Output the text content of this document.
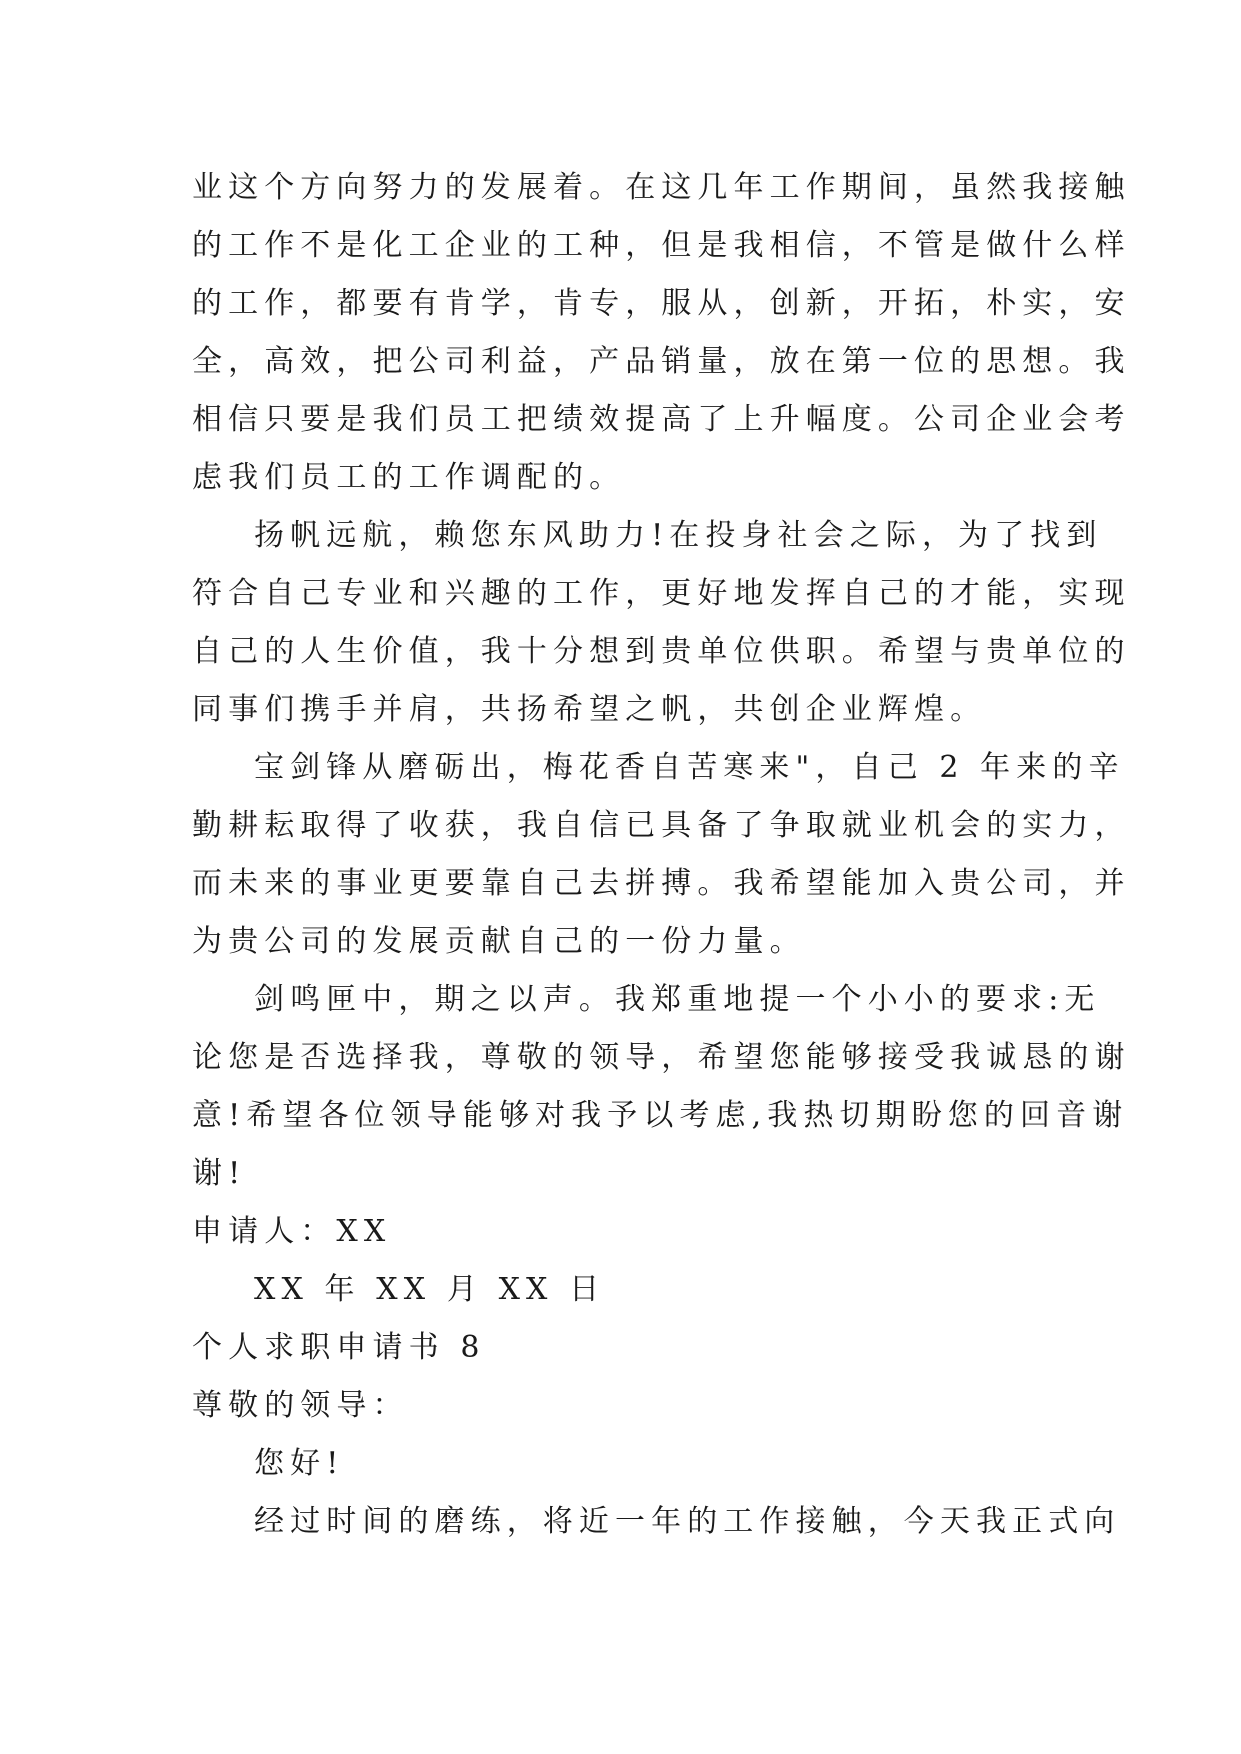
业这个方向努力的发展着。在这几年工作期间，虽然我接触
的工作不是化工企业的工种，但是我相信，不管是做什么样
的工作，都要有肯学，肯专，服从，创新，开拓，朴实，安
全，高效，把公司利益，产品销量，放在第一位的思想。我
相信只要是我们员工把绩效提高了上升幅度。公司企业会考
虑我们员工的工作调配的。
扬帆远航，赖您东风助力!在投身社会之际，为了找到
符合自己专业和兴趣的工作，更好地发挥自己的才能，实现
自己的人生价值，我十分想到贵单位供职。希望与贵单位的
同事们携手并肩，共扬希望之帆，共创企业辉煌。
宝剑锋从磨砺出，梅花香自苦寒来"，自己 2 年来的辛
勤耕耘取得了收获，我自信已具备了争取就业机会的实力，
而未来的事业更要靠自己去拼搏。我希望能加入贵公司，并
为贵公司的发展贡献自己的一份力量。
剑鸣匣中，期之以声。我郑重地提一个小小的要求:无
论您是否选择我，尊敬的领导，希望您能够接受我诚恳的谢
意!希望各位领导能够对我予以考虑,我热切期盼您的回音谢
谢!
申请人：XX
XX 年 XX 月 XX 日
个人求职申请书 8
尊敬的领导：
您好!
经过时间的磨练，将近一年的工作接触，今天我正式向
